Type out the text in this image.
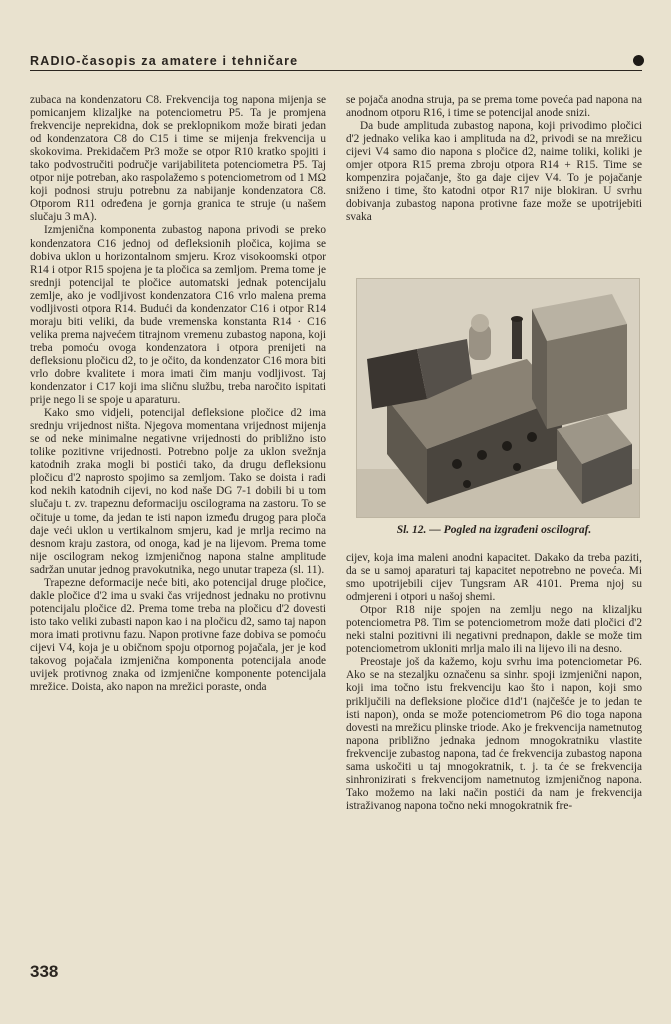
RADIO-časopis za amatere i tehničare

zubaca na kondenzatoru C8. Frekvencija tog napona mijenja se pomicanjem klizaljke na potenciometru P5. Ta je promjena frekvencije neprekidna, dok se preklopnikom može birati jedan od kondenzatora C8 do C15 i time se mijenja frekvencija u skokovima. Prekidačem Pr3 može se otpor R10 kratko spojiti i tako podvostručiti područje varijabiliteta potenciometra P5. Taj otpor nije potreban, ako raspolažemo s potenciometrom od 1 MΩ koji podnosi struju potrebnu za nabijanje kondenzatora C8. Otporom R11 određena je gornja granica te struje (u našem slučaju 3 mA).

Izmjenična komponenta zubastog napona privodi se preko kondenzatora C16 jednoj od defleksionih pločica, kojima se dobiva uklon u horizontalnom smjeru. Kroz visokoomski otpor R14 i otpor R15 spojena je ta pločica sa zemljom. Prema tome je srednji potencijal te pločice automatski jednak potencijalu zemlje, ako je vodljivost kondenzatora C16 vrlo malena prema vodljivosti otpora R14. Budući da kondenzator C16 i otpor R14 moraju biti veliki, da bude vremenska konstanta R14 · C16 velika prema najvećem titrajnom vremenu zubastog napona, koji treba pomoću ovoga kondenzatora i otpora prenijeti na defleksionu pločicu d2, to je očito, da kondenzator C16 mora biti vrlo dobre kvalitete i mora imati čim manju vodljivost. Taj kondenzator i C17 koji ima sličnu službu, treba naročito ispitati prije nego li se spoje u aparaturu.

Kako smo vidjeli, potencijal defleksione pločice d2 ima srednju vrijednost ništa. Njegova momentana vrijednost mijenja se od neke minimalne negativne vrijednosti do približno isto tolike pozitivne vrijednosti. Potrebno polje za uklon svežnja katodnih zraka mogli bi postići tako, da drugu defleksionu pločicu d'2 naprosto spojimo sa zemljom. Tako se doista i radi kod nekih katodnih cijevi, no kod naše DG 7-1 dobili bi u tom slučaju t. zv. trapeznu deformaciju oscilograma na zastoru. To se očituje u tome, da jedan te isti napon između drugog para ploča daje veći uklon u vertikalnom smjeru, kad je mrlja recimo na desnom kraju zastora, od onoga, kad je na lijevom. Prema tome nije oscilogram nekog izmjeničnog napona stalne amplitude sadržan unutar jednog pravokutnika, nego unutar trapeza (sl. 11).

Trapezne deformacije neće biti, ako potencijal druge pločice, dakle pločice d'2 ima u svaki čas vrijednost jednaku no protivnu potencijalu pločice d2. Prema tome treba na pločicu d'2 dovesti isto tako veliki zubasti napon kao i na pločicu d2, samo taj napon mora imati protivnu fazu. Napon protivne faze dobiva se pomoću cijevi V4, koja je u običnom spoju otpornog pojačala, jer je kod takovog pojačala izmjenična komponenta potencijala anode uvijek protivnog znaka od izmjenične komponente potencijala mrežice. Doista, ako napon na mrežici poraste, onda

se pojača anodna struja, pa se prema tome poveća pad napona na anodnom otporu R16, i time se potencijal anode snizi.

Da bude amplituda zubastog napona, koji privodimo pločici d'2 jednako velika kao i amplituda na d2, privodi se na mrežicu cijevi V4 samo dio napona s pločice d2, naime toliki, koliki je omjer otpora R15 prema zbroju otpora R14 + R15. Time se kompenzira pojačanje, što ga daje cijev V4. To je pojačanje sniženo i time, što katodni otpor R17 nije blokiran. U svrhu dobivanja zubastog napona protivne faze može se upotrijebiti svaka

Sl. 12. — Pogled na izgrađeni oscilograf.

cijev, koja ima maleni anodni kapacitet. Dakako da treba paziti, da se u samoj aparaturi taj kapacitet nepotrebno ne poveća. Mi smo upotrijebili cijev Tungsram AR 4101. Prema njoj su odmjereni i otpori u našoj shemi.

Otpor R18 nije spojen na zemlju nego na klizaljku potenciometra P8. Tim se potenciometrom može dati pločici d'2 neki stalni pozitivni ili negativni prednapon, dakle se može tim potenciometrom ukloniti mrlja malo ili na lijevo ili na desno.

Preostaje još da kažemo, koju svrhu ima potenciometar P6. Ako se na stezaljku označenu sa sinhr. spoji izmjenični napon, koji ima točno istu frekvenciju kao što i napon, koji smo priključili na defleksione pločice d1d'1 (najčešće je to jedan te isti napon), onda se može potenciometrom P6 dio toga napona dovesti na mrežicu plinske triode. Ako je frekvencija nametnutog napona približno jednaka jednom mnogokratniku vlastite frekvencije zubastog napona, tad će frekvencija zubastog napona sama uskočiti u taj mnogokratnik, t. j. ta će se frekvencija sinhronizirati s frekvencijom nametnutog izmjeničnog napona. Tako možemo na laki način postići da nam je frekvencija istraživanog napona točno neki mnogokratnik fre-

338
